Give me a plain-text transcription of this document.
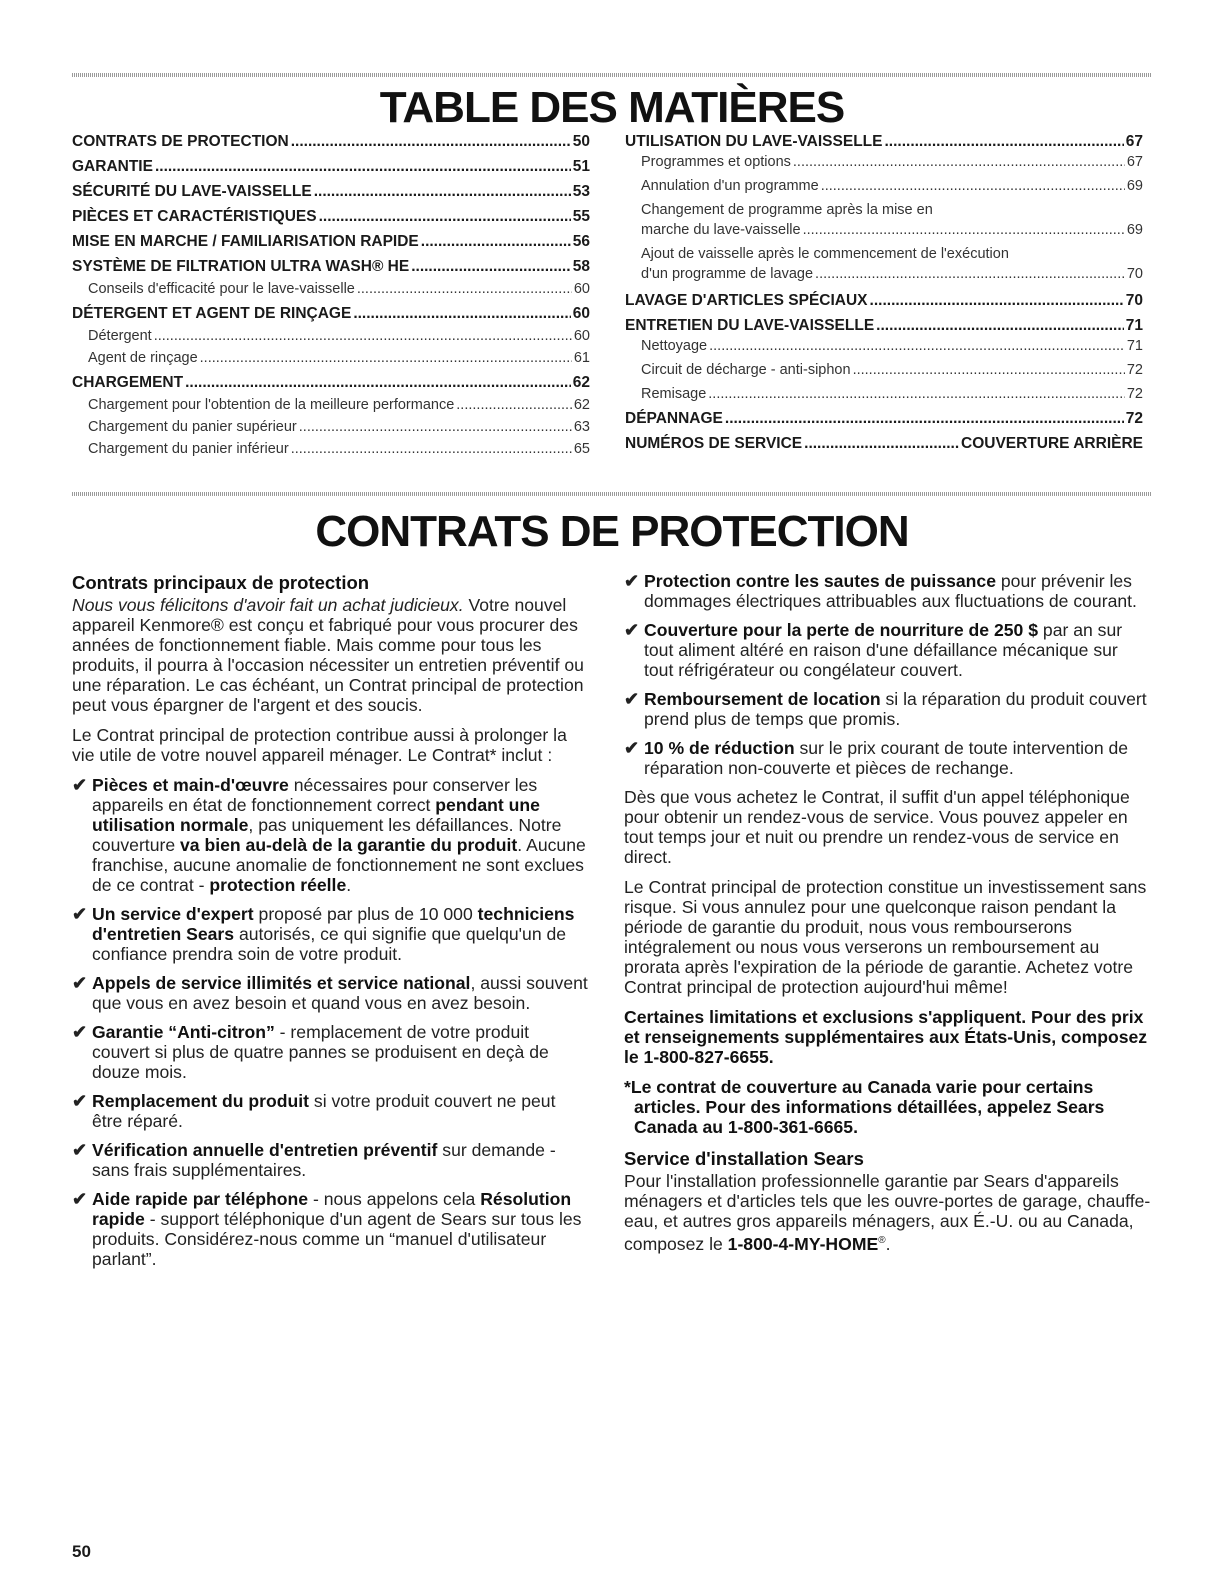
TABLE DES MATIÈRES
CONTRATS DE PROTECTION .....	50
GARANTIE .....	51
SÉCURITÉ DU LAVE-VAISSELLE .....	53
PIÈCES ET CARACTÉRISTIQUES .....	55
MISE EN MARCHE / FAMILIARISATION RAPIDE .....	56
SYSTÈME DE FILTRATION ULTRA WASH® HE .....	58
Conseils d'efficacité pour le lave-vaisselle .....	60
DÉTERGENT ET AGENT DE RINÇAGE .....	60
Détergent .....	60
Agent de rinçage .....	61
CHARGEMENT .....	62
Chargement pour l'obtention de la meilleure performance .....	62
Chargement du panier supérieur .....	63
Chargement du panier inférieur .....	65
UTILISATION DU LAVE-VAISSELLE .....	67
Programmes et options .....	67
Annulation d'un programme .....	69
Changement de programme après la mise en
marche du lave-vaisselle .....	69
Ajout de vaisselle après le commencement de l'exécution
d'un programme de lavage .....	70
LAVAGE D'ARTICLES SPÉCIAUX .....	70
ENTRETIEN DU LAVE-VAISSELLE .....	71
Nettoyage .....	71
Circuit de décharge - anti-siphon .....	72
Remisage .....	72
DÉPANNAGE .....	72
NUMÉROS DE SERVICE .....	COUVERTURE ARRIÈRE
CONTRATS DE PROTECTION
Contrats principaux de protection

Nous vous félicitons d'avoir fait un achat judicieux. Votre nouvel appareil Kenmore® est conçu et fabriqué pour vous procurer des années de fonctionnement fiable. Mais comme pour tous les produits, il pourra à l'occasion nécessiter un entretien préventif ou une réparation. Le cas échéant, un Contrat principal de protection peut vous épargner de l'argent et des soucis.

Le Contrat principal de protection contribue aussi à prolonger la vie utile de votre nouvel appareil ménager. Le Contrat* inclut :

✔ Pièces et main-d'œuvre nécessaires pour conserver les appareils en état de fonctionnement correct pendant une utilisation normale, pas uniquement les défaillances. Notre couverture va bien au-delà de la garantie du produit. Aucune franchise, aucune anomalie de fonctionnement ne sont exclues de ce contrat - protection réelle.
✔ Un service d'expert proposé par plus de 10 000 techniciens d'entretien Sears autorisés, ce qui signifie que quelqu'un de confiance prendra soin de votre produit.
✔ Appels de service illimités et service national, aussi souvent que vous en avez besoin et quand vous en avez besoin.
✔ Garantie “Anti-citron” - remplacement de votre produit couvert si plus de quatre pannes se produisent en deçà de douze mois.
✔ Remplacement du produit si votre produit couvert ne peut être réparé.
✔ Vérification annuelle d'entretien préventif sur demande - sans frais supplémentaires.
✔ Aide rapide par téléphone - nous appelons cela Résolution rapide - support téléphonique d'un agent de Sears sur tous les produits. Considérez-nous comme un “manuel d'utilisateur parlant”.
✔ Protection contre les sautes de puissance pour prévenir les dommages électriques attribuables aux fluctuations de courant.
✔ Couverture pour la perte de nourriture de 250 $ par an sur tout aliment altéré en raison d'une défaillance mécanique sur tout réfrigérateur ou congélateur couvert.
✔ Remboursement de location si la réparation du produit couvert prend plus de temps que promis.
✔ 10 % de réduction sur le prix courant de toute intervention de réparation non-couverte et pièces de rechange.

Dès que vous achetez le Contrat, il suffit d'un appel téléphonique pour obtenir un rendez-vous de service. Vous pouvez appeler en tout temps jour et nuit ou prendre un rendez-vous de service en direct.

Le Contrat principal de protection constitue un investissement sans risque. Si vous annulez pour une quelconque raison pendant la période de garantie du produit, nous vous rembourserons intégralement ou nous vous verserons un remboursement au prorata après l'expiration de la période de garantie. Achetez votre Contrat principal de protection aujourd'hui même!

Certaines limitations et exclusions s'appliquent. Pour des prix et renseignements supplémentaires aux États-Unis, composez le 1-800-827-6655.

*Le contrat de couverture au Canada varie pour certains articles. Pour des informations détaillées, appelez Sears Canada au 1-800-361-6665.

Service d'installation Sears

Pour l'installation professionnelle garantie par Sears d'appareils ménagers et d'articles tels que les ouvre-portes de garage, chauffe-eau, et autres gros appareils ménagers, aux É.-U. ou au Canada, composez le 1-800-4-MY-HOME®.

50
